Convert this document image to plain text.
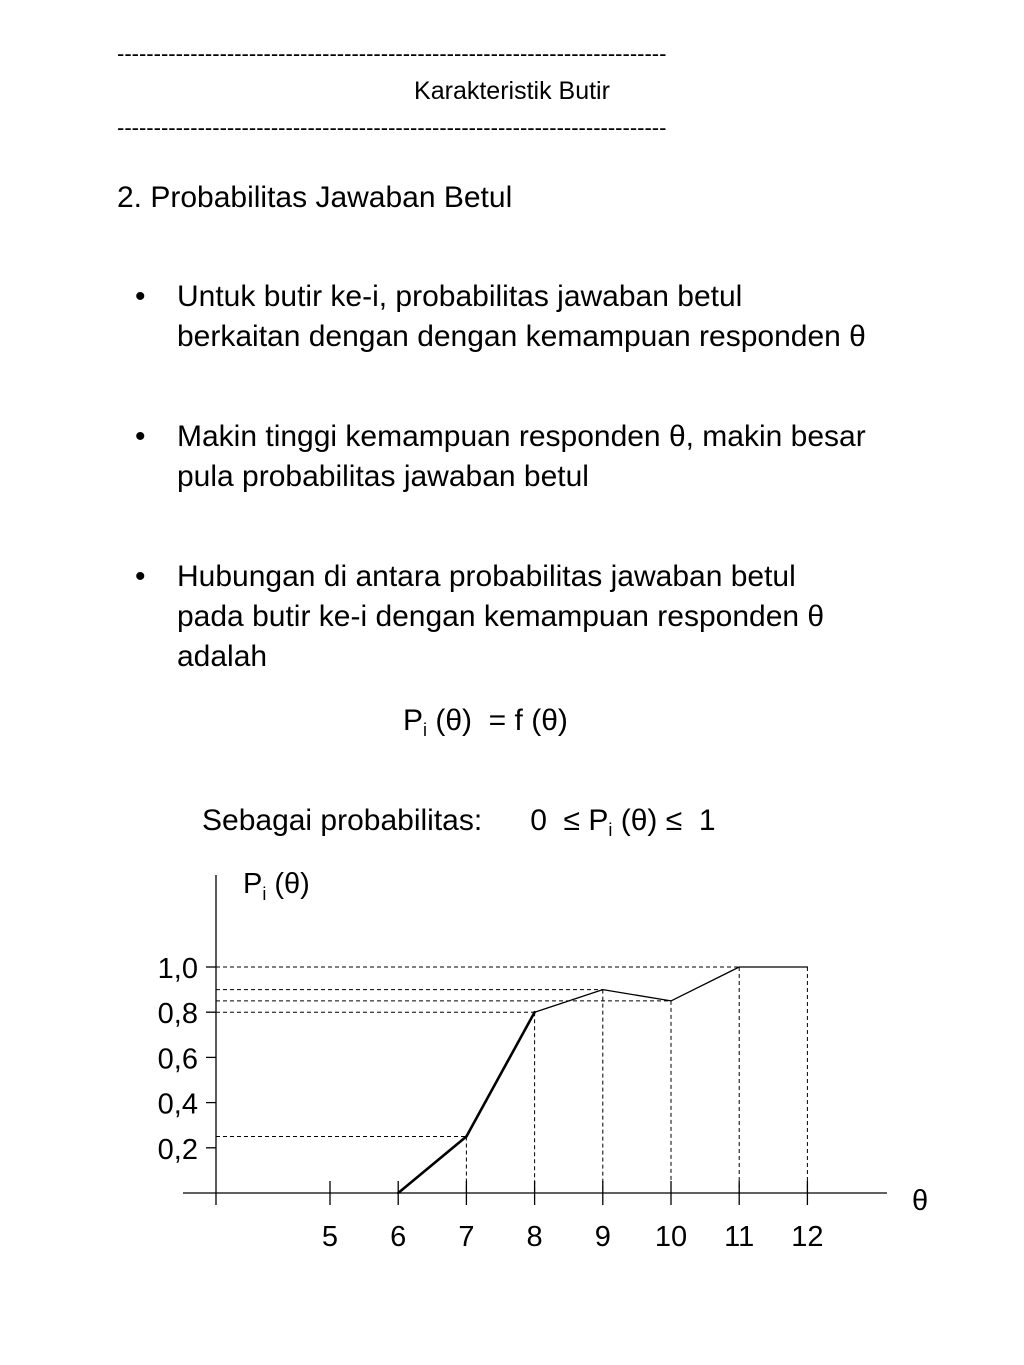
---------------------------------------------------------------------------
Karakteristik Butir
---------------------------------------------------------------------------
2. Probabilitas Jawaban Betul
• Untuk butir ke-i, probabilitas jawaban betul
berkaitan dengan dengan kemampuan responden θ
• Makin tinggi kemampuan responden θ, makin besar
pula probabilitas jawaban betul
• Hubungan di antara probabilitas jawaban betul
pada butir ke-i dengan kemampuan responden θ
adalah
$P_i$ (θ)  = f (θ)
Sebagai probabilitas: $0 \le P_i$ (θ) ≤  1
1,0
0,8
0,6
0,4
0,2
5 6 7 8 9 10 11 12
$P_i$ (θ)
θ
